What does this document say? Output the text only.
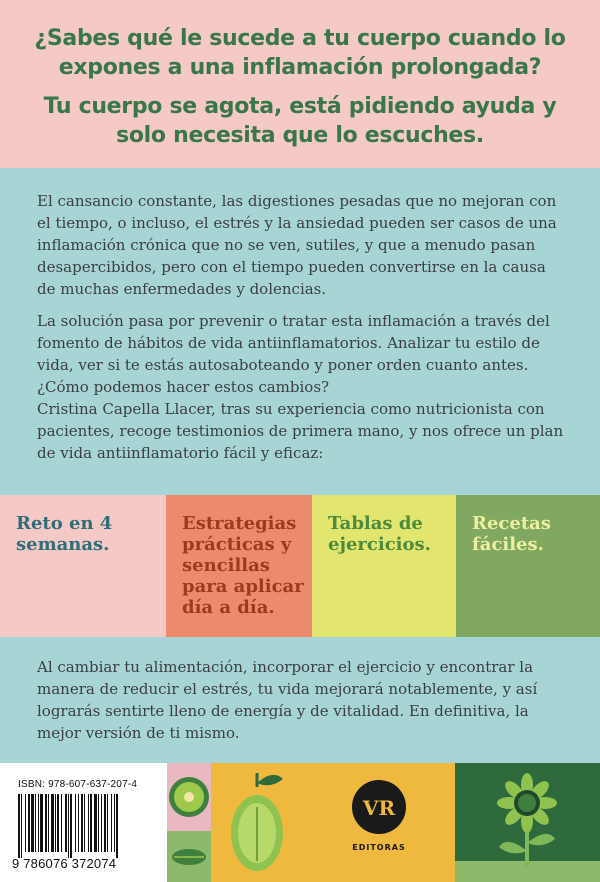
¿Sabes qué le sucede a tu cuerpo cuando lo expones a una inflamación prolongada?
Tu cuerpo se agota, está pidiendo ayuda y solo necesita que lo escuches.

El cansancio constante, las digestiones pesadas que no mejoran con el tiempo, o incluso, el estrés y la ansiedad pueden ser casos de una inflamación crónica que no se ven, sutiles, y que a menudo pasan desapercibidos, pero con el tiempo pueden convertirse en la causa de muchas enfermedades y dolencias.

La solución pasa por prevenir o tratar esta inflamación a través del fomento de hábitos de vida antiinflamatorios. Analizar tu estilo de vida, ver si te estás autosaboteando y poner orden cuanto antes. ¿Cómo podemos hacer estos cambios?

Cristina Capella Llacer, tras su experiencia como nutricionista con pacientes, recoge testimonios de primera mano, y nos ofrece un plan de vida antiinflamatorio fácil y eficaz:

Reto en 4 semanas.
Estrategias prácticas y sencillas para aplicar día a día.
Tablas de ejercicios.
Recetas fáciles.

Al cambiar tu alimentación, incorporar el ejercicio y encontrar la manera de reducir el estrés, tu vida mejorará notablemente, y así lograrás sentirte lleno de energía y de vitalidad. En definitiva, la mejor versión de ti mismo.

ISBN: 978-607-637-207-4
9 786076 372074
VR
EDITORAS
